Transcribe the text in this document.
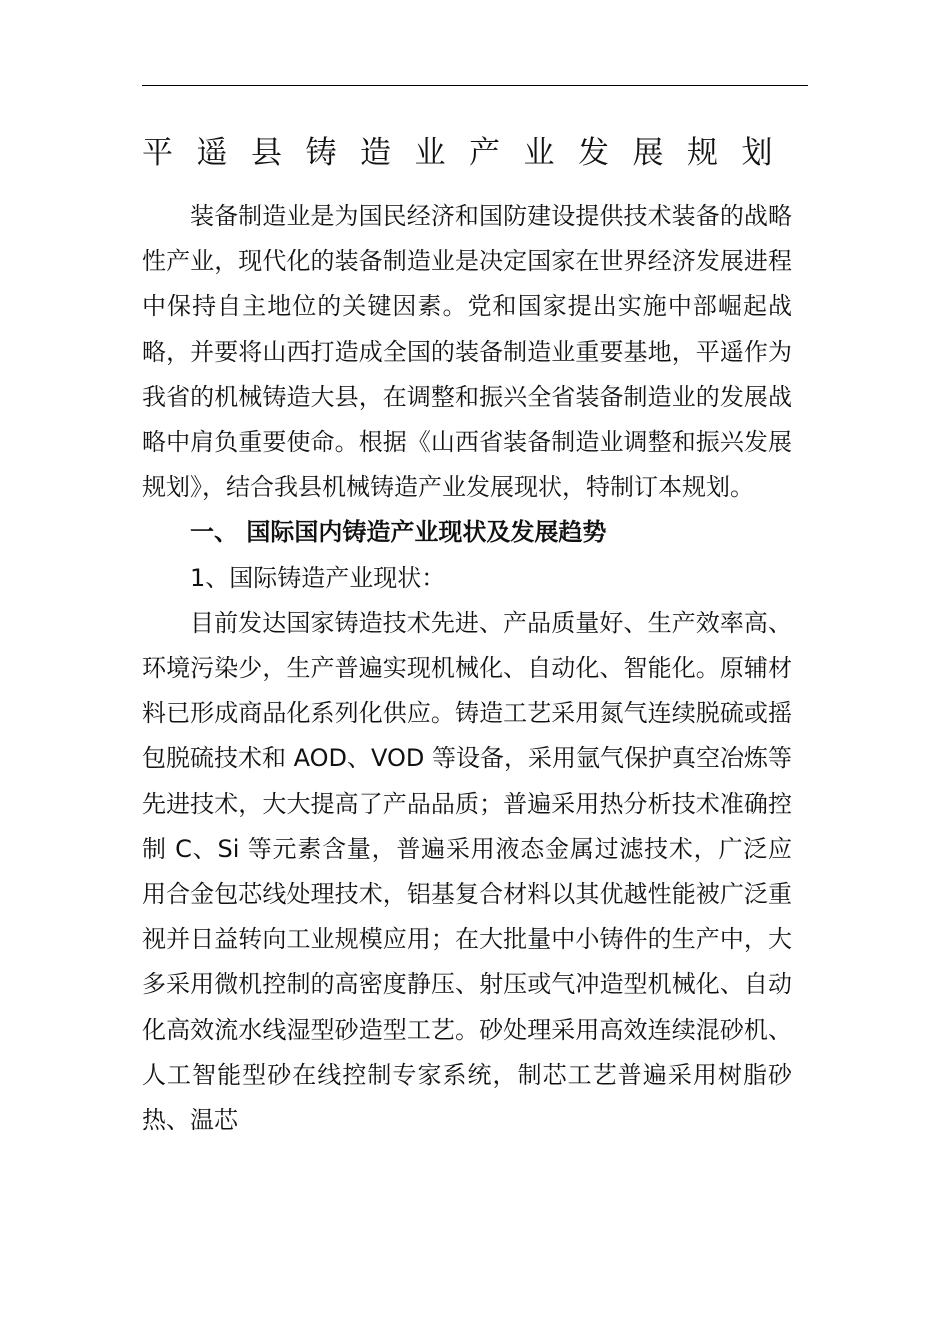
平遥县铸造业产业发展规划

装备制造业是为国民经济和国防建设提供技术装备的战略性产业，现代化的装备制造业是决定国家在世界经济发展进程中保持自主地位的关键因素。党和国家提出实施中部崛起战略，并要将山西打造成全国的装备制造业重要基地，平遥作为我省的机械铸造大县，在调整和振兴全省装备制造业的发展战略中肩负重要使命。根据《山西省装备制造业调整和振兴发展规划》，结合我县机械铸造产业发展现状，特制订本规划。

一、 国际国内铸造产业现状及发展趋势

1、国际铸造产业现状：

目前发达国家铸造技术先进、产品质量好、生产效率高、环境污染少，生产普遍实现机械化、自动化、智能化。原辅材料已形成商品化系列化供应。铸造工艺采用氮气连续脱硫或摇包脱硫技术和 AOD、VOD 等设备，采用氩气保护真空冶炼等先进技术，大大提高了产品品质；普遍采用热分析技术准确控制 C、Si 等元素含量，普遍采用液态金属过滤技术，广泛应用合金包芯线处理技术，铝基复合材料以其优越性能被广泛重视并日益转向工业规模应用；在大批量中小铸件的生产中，大多采用微机控制的高密度静压、射压或气冲造型机械化、自动化高效流水线湿型砂造型工艺。砂处理采用高效连续混砂机、人工智能型砂在线控制专家系统，制芯工艺普遍采用树脂砂热、温芯
